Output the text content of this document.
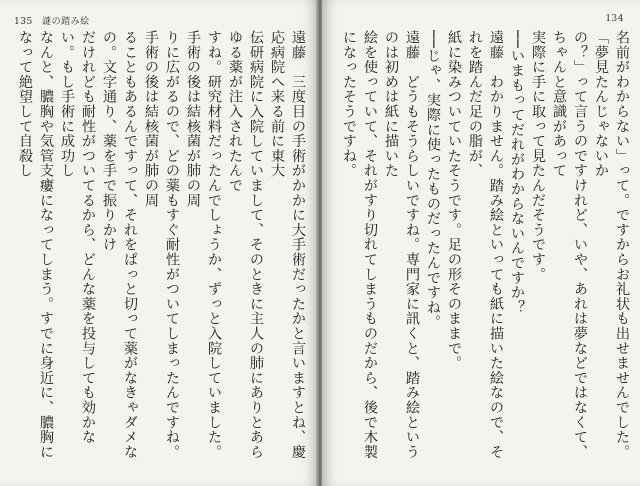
135 謎の踏み絵

遠藤　三度目の手術がかかに大手術だったかと言いますとね、慶応病院へ来る前に東大

伝研病院に入院していまして、そのときに主人の肺にありとあらゆる薬が注入されたんで

すね。研究材料だったんでしょうか、ずっと入院していました。手術の後は結核菌が肺の周

りに広がるので、どの薬もすぐ耐性がついてしまったんですね。手術の後は結核菌が肺の周

ることもあるんですって、それをぱっと切って薬がなきゃダメなの。文字通り、薬を手で振りかけ

だけれども耐性がついてるから、どんな薬を投与しても効かない。もし手術に成功し

なんと、膿胸や気管支瘻になってしまう。すでに身近に、膿胸になって絶望して自殺し

134

名前がわからない」って。ですからお礼状も出せませんでした。「夢見たんじゃないか

の？」って言うのですけれど、いや、あれは夢などではなくて、ちゃんと意識があって

実際に手に取って見たんだそうです。

──いまもってだれがわからないんですか？

遠藤　わかりません。踏み絵といっても紙に描いた絵なので、それを踏んだ足の脂が、

紙に染みついていたそうです。足の形そのままで。

──じゃ、実際に使ったものだったんですね。

遠藤　どうもそうらしいですね。専門家に訊くと、踏み絵というのは初めは紙に描いた

絵を使っていて、それがすり切れてしまうものだから、後で木製になったそうですね。
